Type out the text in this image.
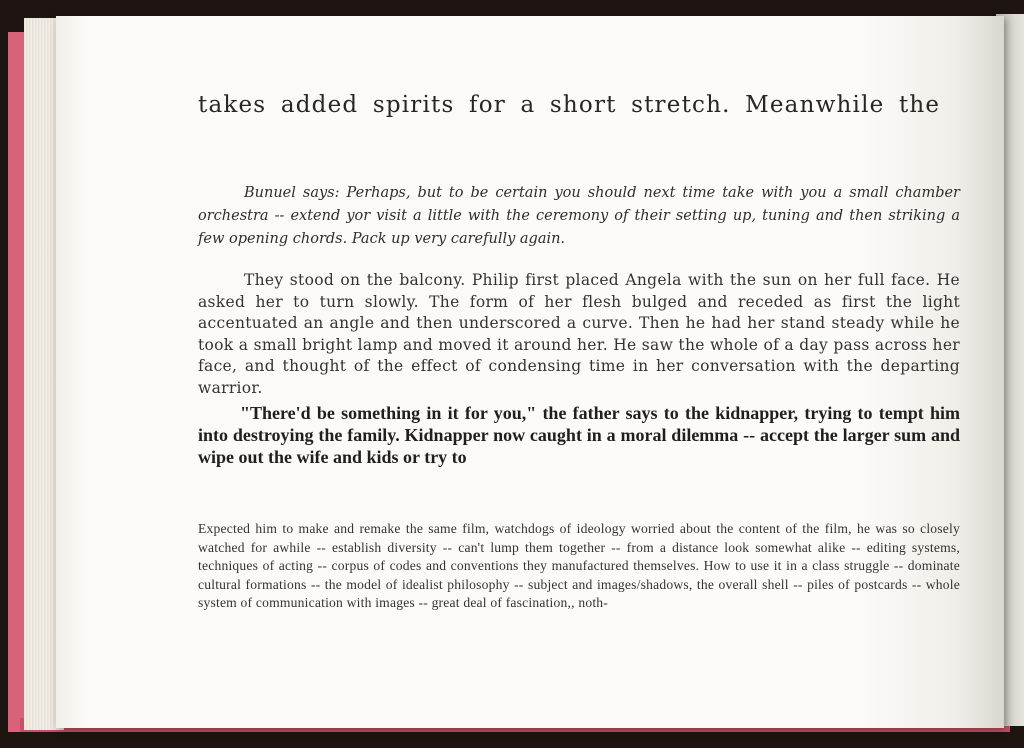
takes added spirits for a short stretch. Meanwhile the
Bunuel says: Perhaps, but to be certain you should next time take with you a small chamber orchestra -- extend yor visit a little with the ceremony of their setting up, tuning and then striking a few opening chords. Pack up very carefully again.
They stood on the balcony. Philip first placed Angela with the sun on her full face. He asked her to turn slowly. The form of her flesh bulged and receded as first the light accentuated an angle and then underscored a curve. Then he had her stand steady while he took a small bright lamp and moved it around her. He saw the whole of a day pass across her face, and thought of the effect of condensing time in her conversation with the departing warrior.
"There'd be something in it for you," the father says to the kidnapper, trying to tempt him into destroying the family. Kidnapper now caught in a moral dilemma -- accept the larger sum and wipe out the wife and kids or try to
Expected him to make and remake the same film, watchdogs of ideology worried about the content of the film, he was so closely watched for awhile -- establish diversity -- can't lump them together -- from a distance look somewhat alike -- editing systems, techniques of acting -- corpus of codes and conventions they manufactured themselves. How to use it in a class struggle -- dominate cultural formations -- the model of idealist philosophy -- subject and images/shadows, the overall shell -- piles of postcards -- whole system of communication with images -- great deal of fascination,, noth-
